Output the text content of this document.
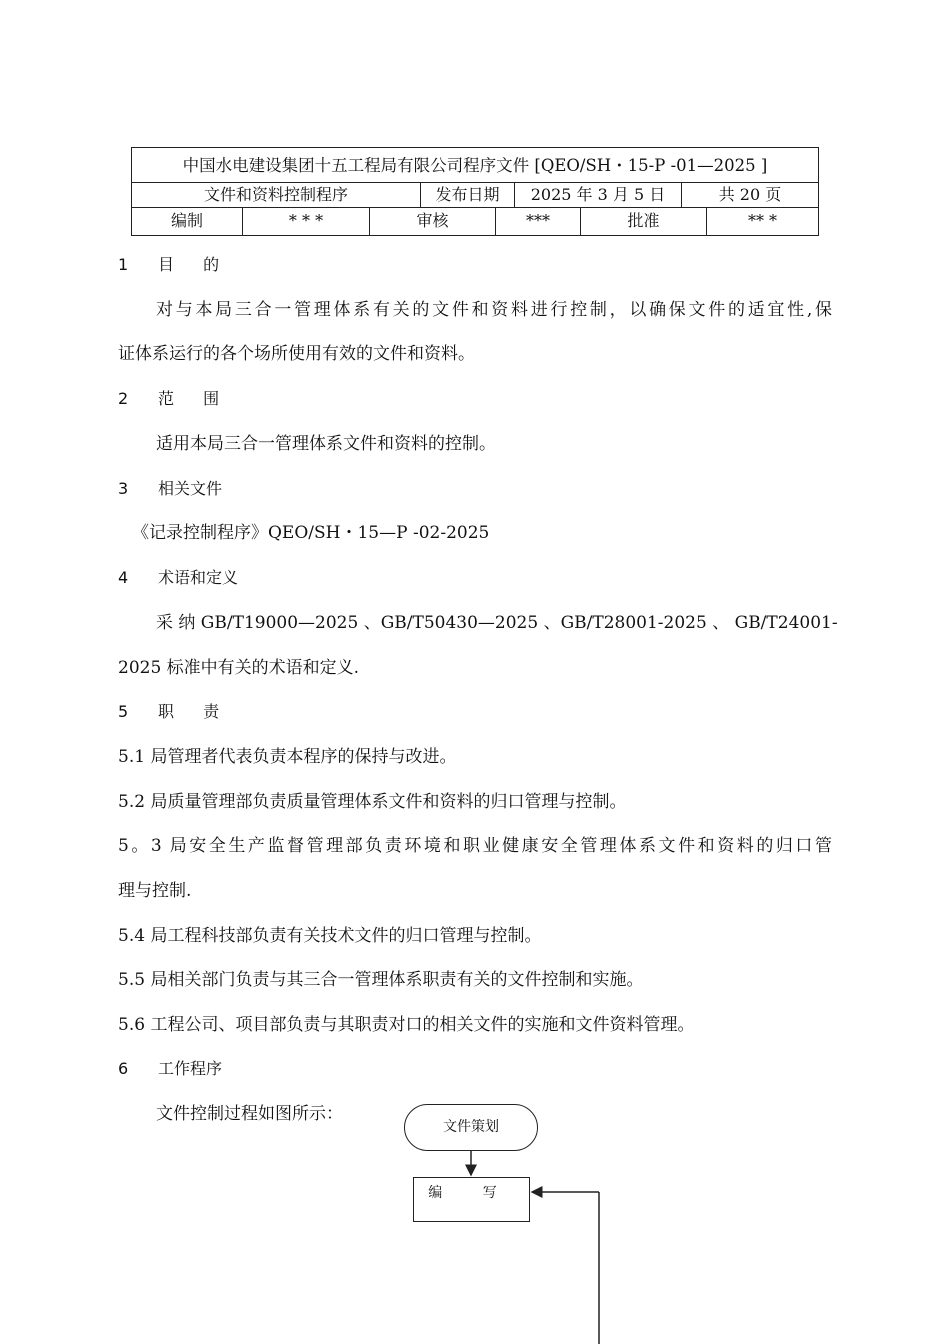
中国水电建设集团十五工程局有限公司程序文件 [QEO/SH・15-P -01—2025 ]
文件和资料控制程序	发布日期	2025 年 3 月 5 日	共 20 页
编制	* * *	审核	***	批准	** *
1 目 的
对与本局三合一管理体系有关的文件和资料进行控制，以确保文件的适宜性,保
证体系运行的各个场所使用有效的文件和资料。
2 范 围
适用本局三合一管理体系文件和资料的控制。
3 相关文件
《记录控制程序》QEO/SH・15—P -02-2025
4 术语和定义
采 纳 GB/T19000—2025 、GB/T50430—2025 、GB/T28001-2025 、 GB/T24001-
2025 标准中有关的术语和定义.
5 职 责
5.1 局管理者代表负责本程序的保持与改进。
5.2 局质量管理部负责质量管理体系文件和资料的归口管理与控制。
5。3 局安全生产监督管理部负责环境和职业健康安全管理体系文件和资料的归口管
理与控制.
5.4 局工程科技部负责有关技术文件的归口管理与控制。
5.5 局相关部门负责与其三合一管理体系职责有关的文件控制和实施。
5.6 工程公司、项目部负责与其职责对口的相关文件的实施和文件资料管理。
6 工作程序
文件控制过程如图所示：
文件策划
编 写
